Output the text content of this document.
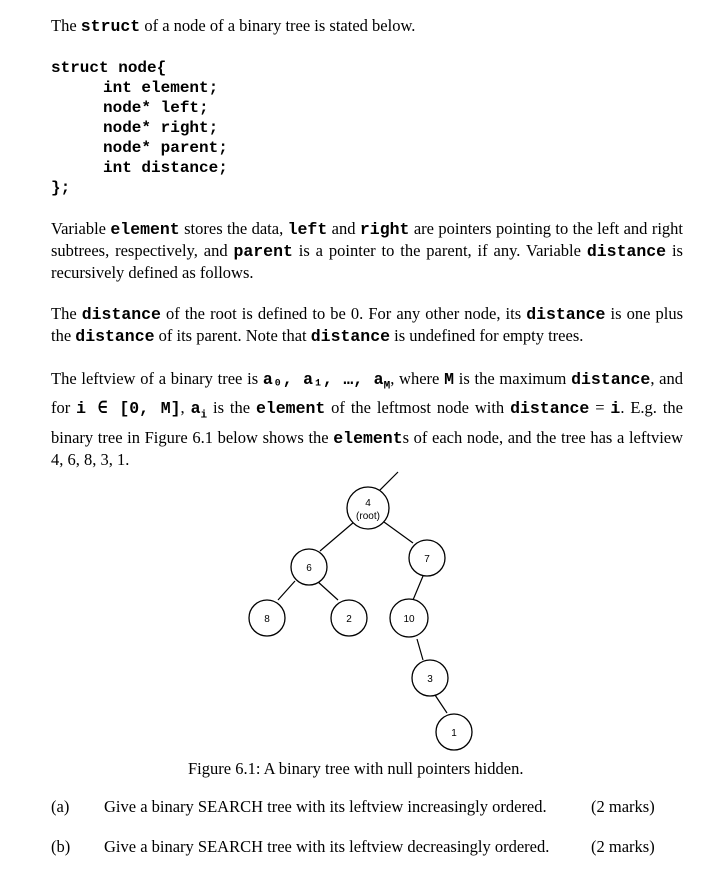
The struct of a node of a binary tree is stated below.
struct node{
int element;
node* left;
node* right;
node* parent;
int distance;
};
Variable element stores the data, left and right are pointers pointing to the left and right subtrees, respectively, and parent is a pointer to the parent, if any. Variable distance is recursively defined as follows.
The distance of the root is defined to be 0. For any other node, its distance is one plus the distance of its parent. Note that distance is undefined for empty trees.
The leftview of a binary tree is a₀, a₁, …, $a_M$, where M is the maximum distance, and for i ∈ [0, M], $a_i$ is the element of the leftmost node with distance = i. E.g. the binary tree in Figure 6.1 below shows the elements of each node, and the tree has a leftview 4, 6, 8, 3, 1.
4
(root)
6
7
8	2	10
3
1
Figure 6.1: A binary tree with null pointers hidden.
(a) Give a binary SEARCH tree with its leftview increasingly ordered.	(2 marks)
(b) Give a binary SEARCH tree with its leftview decreasingly ordered.	(2 marks)
